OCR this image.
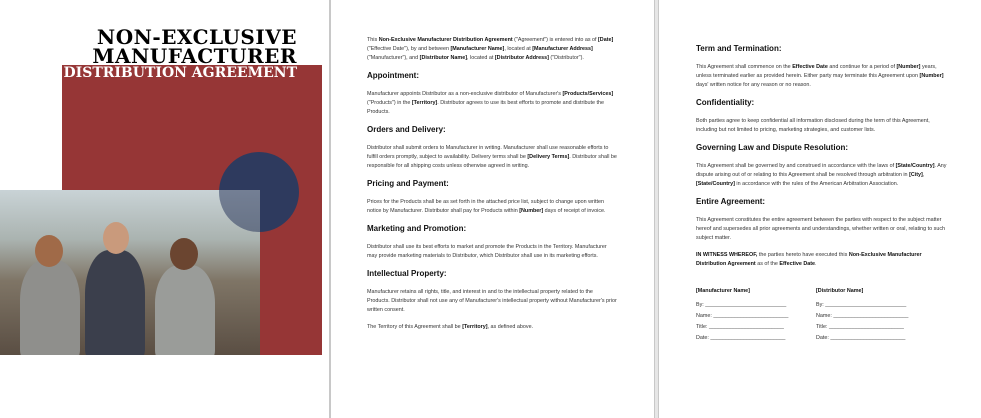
NON-EXCLUSIVE
MANUFACTURER
DISTRIBUTION AGREEMENT

This Non-Exclusive Manufacturer Distribution Agreement ("Agreement") is entered into as of [Date] ("Effective Date"), by and between [Manufacturer Name], located at [Manufacturer Address] ("Manufacturer"), and [Distributor Name], located at [Distributor Address] ("Distributor").

Appointment:

Manufacturer appoints Distributor as a non-exclusive distributor of Manufacturer's [Products/Services] ("Products") in the [Territory]. Distributor agrees to use its best efforts to promote and distribute the Products.

Orders and Delivery:

Distributor shall submit orders to Manufacturer in writing. Manufacturer shall use reasonable efforts to fulfill orders promptly, subject to availability. Delivery terms shall be [Delivery Terms]. Distributor shall be responsible for all shipping costs unless otherwise agreed in writing.

Pricing and Payment:

Prices for the Products shall be as set forth in the attached price list, subject to change upon written notice by Manufacturer. Distributor shall pay for Products within [Number] days of receipt of invoice.

Marketing and Promotion:

Distributor shall use its best efforts to market and promote the Products in the Territory. Manufacturer may provide marketing materials to Distributor, which Distributor shall use in its marketing efforts.

Intellectual Property:

Manufacturer retains all rights, title, and interest in and to the intellectual property related to the Products. Distributor shall not use any of Manufacturer's intellectual property without Manufacturer's prior written consent.

The Territory of this Agreement shall be [Territory], as defined above.

Term and Termination:

This Agreement shall commence on the Effective Date and continue for a period of [Number] years, unless terminated earlier as provided herein. Either party may terminate this Agreement upon [Number] days' written notice for any reason or no reason.

Confidentiality:

Both parties agree to keep confidential all information disclosed during the term of this Agreement, including but not limited to pricing, marketing strategies, and customer lists.

Governing Law and Dispute Resolution:

This Agreement shall be governed by and construed in accordance with the laws of [State/Country]. Any dispute arising out of or relating to this Agreement shall be resolved through arbitration in [City], [State/Country] in accordance with the rules of the American Arbitration Association.

Entire Agreement:

This Agreement constitutes the entire agreement between the parties with respect to the subject matter hereof and supersedes all prior agreements and understandings, whether written or oral, relating to such subject matter.

IN WITNESS WHEREOF, the parties hereto have executed this Non-Exclusive Manufacturer Distribution Agreement as of the Effective Date.

[Manufacturer Name]
By: ___________________________
Name: _________________________
Title: _________________________
Date: _________________________
[Distributor Name]
By: ___________________________
Name: _________________________
Title: _________________________
Date: _________________________
